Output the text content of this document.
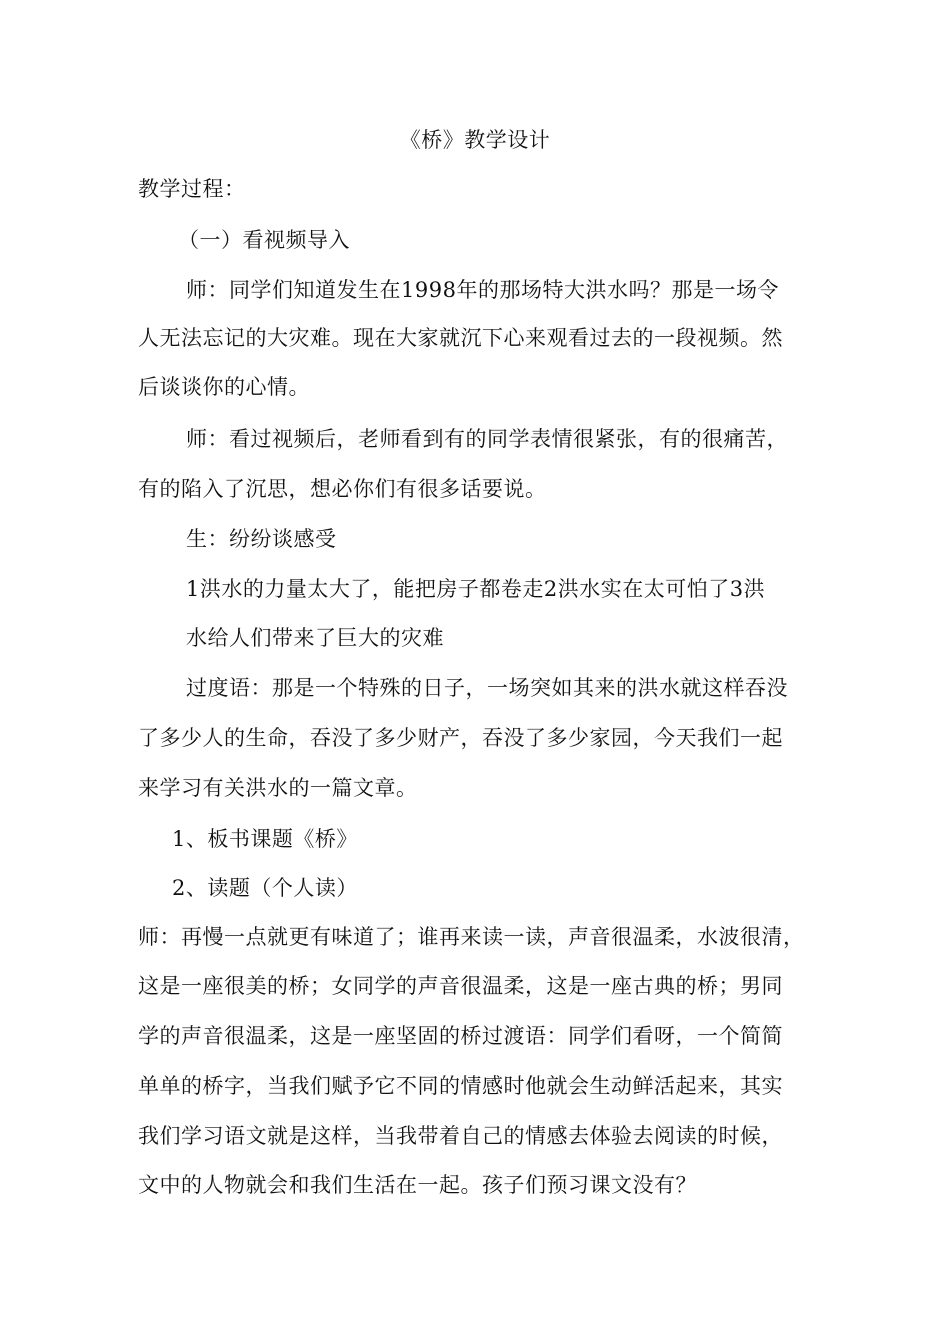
《桥》教学设计
教学过程：
（一）看视频导入
师：同学们知道发生在1998年的那场特大洪水吗？那是一场令
人无法忘记的大灾难。现在大家就沉下心来观看过去的一段视频。然
后谈谈你的心情。
师：看过视频后，老师看到有的同学表情很紧张，有的很痛苦，
有的陷入了沉思，想必你们有很多话要说。
生：纷纷谈感受
1洪水的力量太大了，能把房子都卷走2洪水实在太可怕了3洪
水给人们带来了巨大的灾难
过度语：那是一个特殊的日子，一场突如其来的洪水就这样吞没
了多少人的生命，吞没了多少财产，吞没了多少家园，今天我们一起
来学习有关洪水的一篇文章。
1、板书课题《桥》
2、读题（个人读）
师：再慢一点就更有味道了；谁再来读一读，声音很温柔，水波很清，
这是一座很美的桥；女同学的声音很温柔，这是一座古典的桥；男同
学的声音很温柔，这是一座坚固的桥过渡语：同学们看呀，一个简简
单单的桥字，当我们赋予它不同的情感时他就会生动鲜活起来，其实
我们学习语文就是这样，当我带着自己的情感去体验去阅读的时候，
文中的人物就会和我们生活在一起。孩子们预习课文没有？
